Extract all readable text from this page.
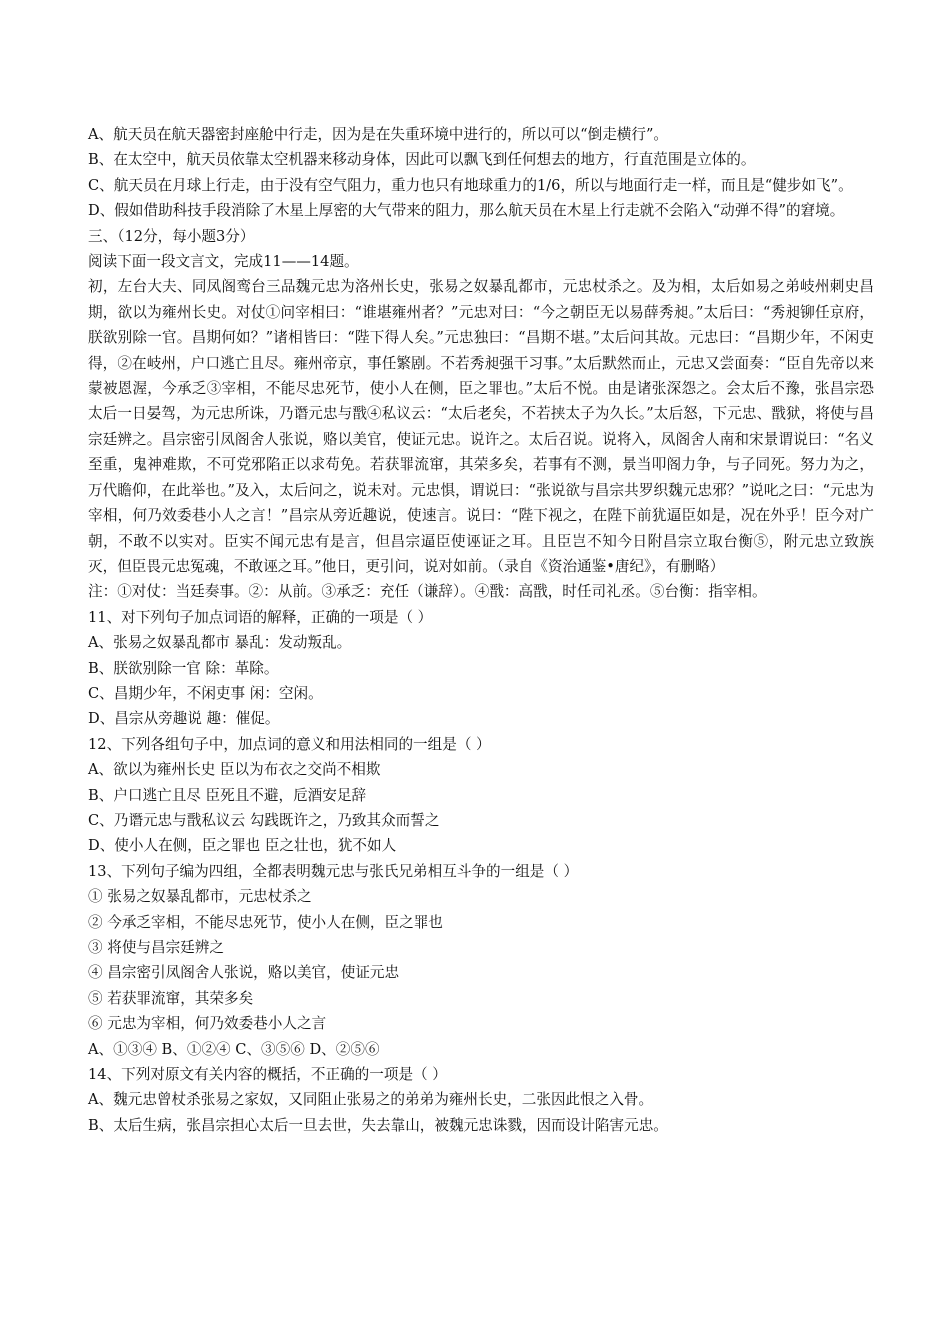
A、航天员在航天器密封座舱中行走，因为是在失重环境中进行的，所以可以“倒走横行”。

B、在太空中，航天员依靠太空机器来移动身体，因此可以飘飞到任何想去的地方，行直范围是立体的。

C、航天员在月球上行走，由于没有空气阻力，重力也只有地球重力的1/6，所以与地面行走一样，而且是“健步如飞”。

D、假如借助科技手段消除了木星上厚密的大气带来的阻力，那么航天员在木星上行走就不会陷入“动弹不得”的窘境。

三、（12分，每小题3分）

阅读下面一段文言文，完成11——14题。

初，左台大夫、同凤阁鸾台三品魏元忠为洛州长史，张易之奴暴乱都市，元忠杖杀之。及为相，太后如易之弟岐州刺史昌期，欲以为雍州长史。对仗①问宰相曰：“谁堪雍州者？”元忠对曰：“今之朝臣无以易薛秀昶。”太后曰：“秀昶铆任京府，朕欲别除一官。昌期何如？”诸相皆曰：“陛下得人矣。”元忠独曰：“昌期不堪。”太后问其故。元忠曰：“昌期少年，不闲吏得，②在岐州，户口逃亡且尽。雍州帝京，事任繁剧。不若秀昶强干习事。”太后默然而止，元忠又尝面奏：“臣自先帝以来蒙被恩渥，今承乏③宰相，不能尽忠死节，使小人在侧，臣之罪也。”太后不悦。由是诸张深怨之。会太后不豫，张昌宗恐太后一日晏驾，为元忠所诛，乃谮元忠与戬④私议云：“太后老矣，不若挟太子为久长。”太后怒，下元忠、戬狱，将使与昌宗廷辨之。昌宗密引凤阁舍人张说，赂以美官，使证元忠。说许之。太后召说。说将入，凤阁舍人南和宋景谓说曰：“名义至重，鬼神难欺，不可党邪陷正以求苟免。若获罪流窜，其荣多矣，若事有不测，景当叩阁力争，与子同死。努力为之，万代瞻仰，在此举也。”及入，太后问之，说未对。元忠惧，谓说曰：“张说欲与昌宗共罗织魏元忠邪？”说叱之曰：“元忠为宰相，何乃效委巷小人之言！”昌宗从旁近趣说，使速言。说曰：“陛下视之，在陛下前犹逼臣如是，况在外乎！臣今对广朝，不敢不以实对。臣实不闻元忠有是言，但昌宗逼臣使诬证之耳。且臣岂不知今日附昌宗立取台衡⑤，附元忠立致族灭，但臣畏元忠冤魂，不敢诬之耳。”他日，更引问，说对如前。（录自《资治通鉴•唐纪》，有删略）

注：①对仗：当廷奏事。②：从前。③承乏：充任（谦辞）。④戬：高戬，时任司礼丞。⑤台衡：指宰相。

11、对下列句子加点词语的解释，正确的一项是（ ）

A、张易之奴暴乱都市 暴乱：发动叛乱。

B、朕欲别除一官 除：革除。

C、昌期少年，不闲吏事 闲：空闲。

D、昌宗从旁趣说 趣：催促。

12、下列各组句子中，加点词的意义和用法相同的一组是（ ）

A、欲以为雍州长史 臣以为布衣之交尚不相欺

B、户口逃亡且尽 臣死且不避，卮酒安足辞

C、乃谮元忠与戬私议云 勾践既许之，乃致其众而誓之

D、使小人在侧，臣之罪也 臣之壮也，犹不如人

13、下列句子编为四组，全都表明魏元忠与张氏兄弟相互斗争的一组是（ ）

① 张易之奴暴乱都市，元忠杖杀之

② 今承乏宰相，不能尽忠死节，使小人在侧，臣之罪也

③ 将使与昌宗廷辨之

④ 昌宗密引凤阁舍人张说，赂以美官，使证元忠

⑤ 若获罪流窜，其荣多矣

⑥ 元忠为宰相，何乃效委巷小人之言

A、①③④ B、①②④ C、③⑤⑥ D、②⑤⑥

14、下列对原文有关内容的概括，不正确的一项是（ ）

A、魏元忠曾杖杀张易之家奴，又同阻止张易之的弟弟为雍州长史，二张因此恨之入骨。

B、太后生病，张昌宗担心太后一旦去世，失去靠山，被魏元忠诛戮，因而设计陷害元忠。
